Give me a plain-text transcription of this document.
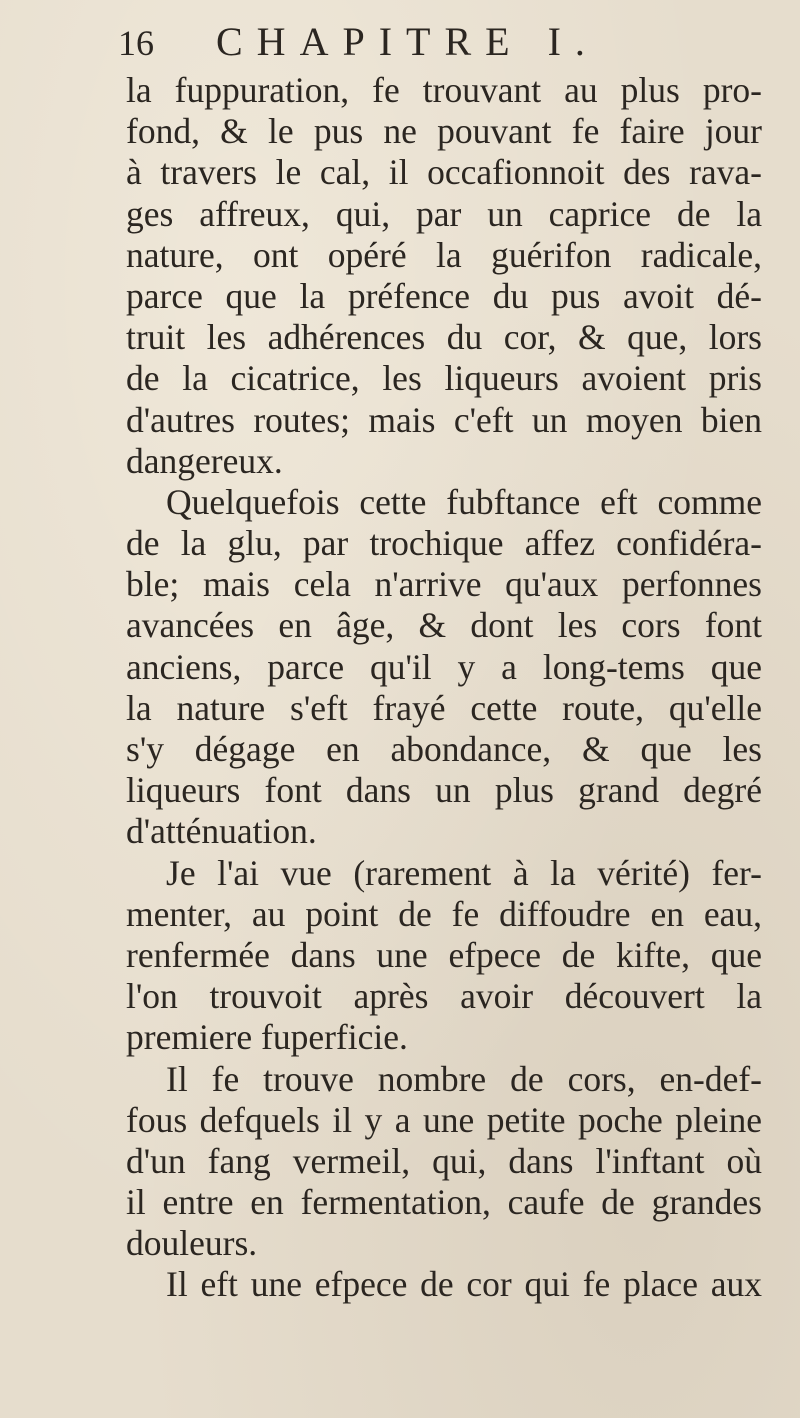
16 CHAPITRE I.
la fuppuration, fe trouvant au plus pro-
fond, & le pus ne pouvant fe faire jour
à travers le cal, il occafionnoit des rava-
ges affreux, qui, par un caprice de la
nature, ont opéré la guérifon radicale,
parce que la préfence du pus avoit dé-
truit les adhérences du cor, & que, lors
de la cicatrice, les liqueurs avoient pris
d'autres routes; mais c'eft un moyen bien
dangereux.
Quelquefois cette fubftance eft comme
de la glu, par trochique affez confidéra-
ble; mais cela n'arrive qu'aux perfonnes
avancées en âge, & dont les cors font
anciens, parce qu'il y a long-tems que
la nature s'eft frayé cette route, qu'elle
s'y dégage en abondance, & que les
liqueurs font dans un plus grand degré
d'atténuation.
Je l'ai vue (rarement à la vérité) fer-
menter, au point de fe diffoudre en eau,
renfermée dans une efpece de kifte, que
l'on trouvoit après avoir découvert la
premiere fuperficie.
Il fe trouve nombre de cors, en-def-
fous defquels il y a une petite poche pleine
d'un fang vermeil, qui, dans l'inftant où
il entre en fermentation, caufe de grandes
douleurs.
Il eft une efpece de cor qui fe place aux
